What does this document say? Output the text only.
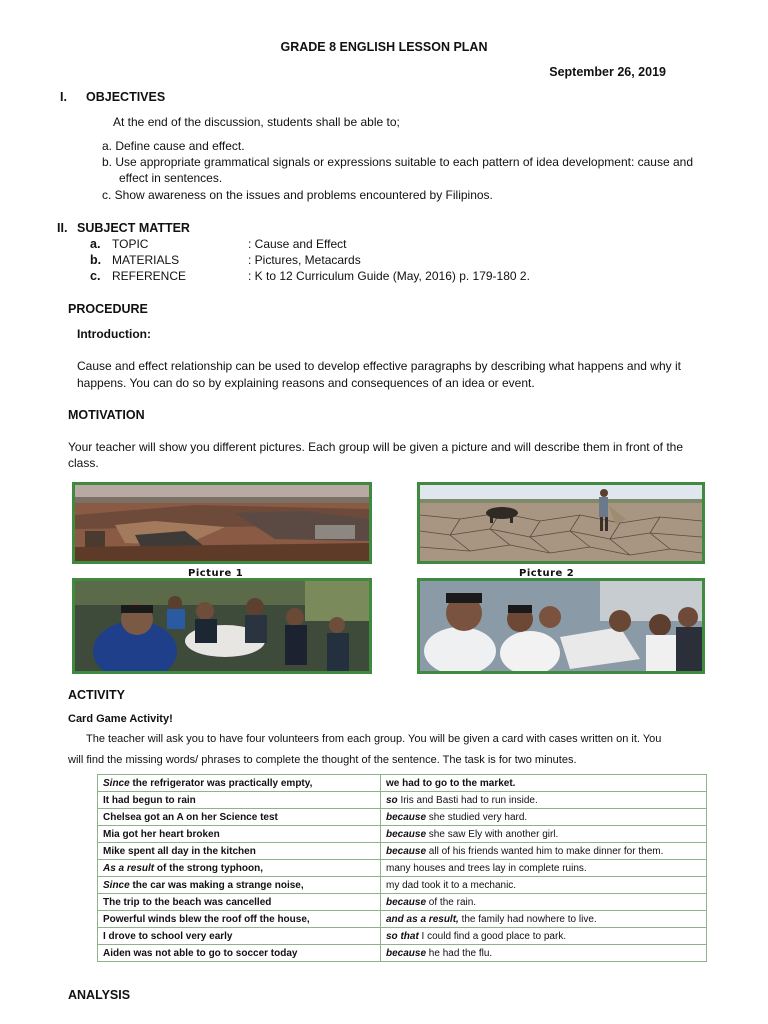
GRADE 8 ENGLISH LESSON PLAN
September 26, 2019
I. OBJECTIVES
At the end of the discussion, students shall be able to;
a. Define cause and effect.
b. Use appropriate grammatical signals or expressions suitable to each pattern of idea development: cause and
effect in sentences.
c. Show awareness on the issues and problems encountered by Filipinos.
II. SUBJECT MATTER
a. TOPIC	: Cause and Effect
b. MATERIALS	: Pictures, Metacards
c. REFERENCE	: K to 12 Curriculum Guide (May, 2016) p. 179-180 2.
PROCEDURE
Introduction:
Cause and effect relationship can be used to develop effective paragraphs by describing what happens and why it
happens. You can do so by explaining reasons and consequences of an idea or event.
MOTIVATION
Your teacher will show you different pictures. Each group will be given a picture and will describe them in front of the
class.
Picture 1	Picture 2
ACTIVITY
Card Game Activity!
The teacher will ask you to have four volunteers from each group. You will be given a card with cases written on it. You
will find the missing words/ phrases to complete the thought of the sentence. The task is for two minutes.
Since the refrigerator was practically empty,	we had to go to the market.
It had begun to rain	so Iris and Basti had to run inside.
Chelsea got an A on her Science test	because she studied very hard.
Mia got her heart broken	because she saw Ely with another girl.
Mike spent all day in the kitchen	because all of his friends wanted him to make dinner for them.
As a result of the strong typhoon,	many houses and trees lay in complete ruins.
Since the car was making a strange noise,	my dad took it to a mechanic.
The trip to the beach was cancelled	because of the rain.
Powerful winds blew the roof off the house,	and as a result, the family had nowhere to live.
I drove to school very early	so that I could find a good place to park.
Aiden was not able to go to soccer today	because he had the flu.
ANALYSIS
